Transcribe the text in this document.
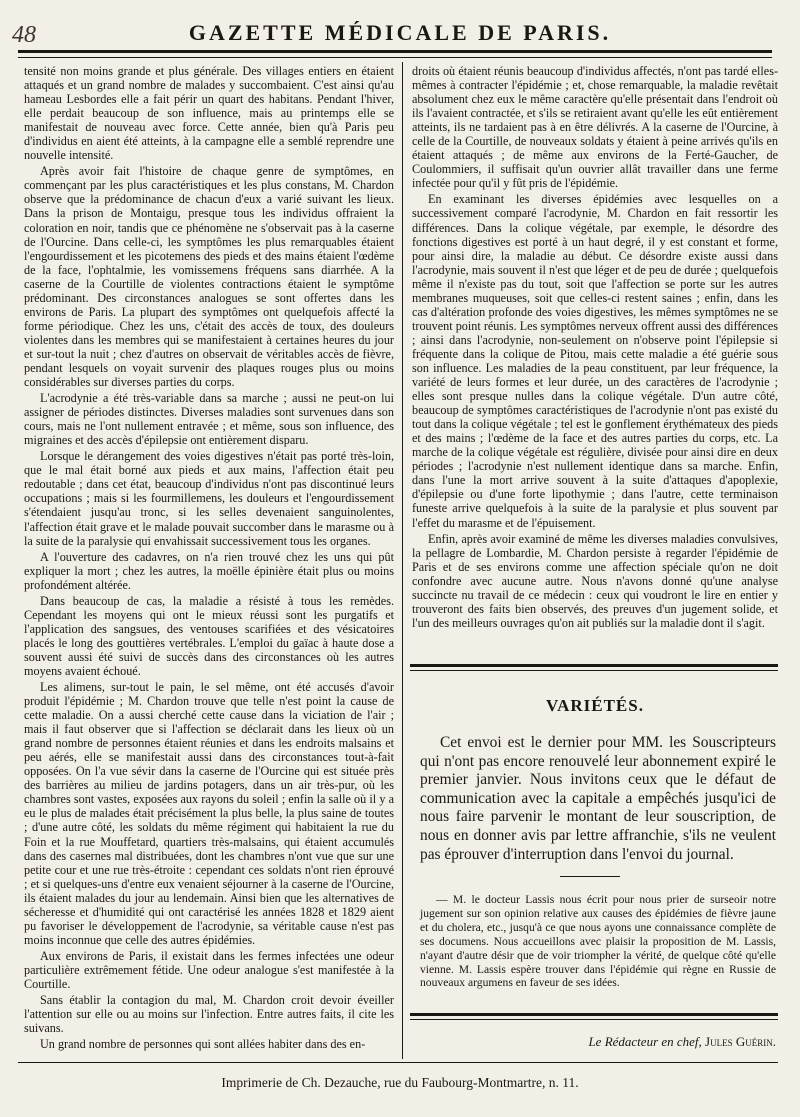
48	GAZETTE MÉDICALE DE PARIS.

tensité non moins grande et plus générale. Des villages entiers en étaient attaqués et un grand nombre de malades y succombaient. C'est ainsi qu'au hameau Lesbordes elle a fait périr un quart des habitans. Pendant l'hiver, elle perdait beaucoup de son influence, mais au printemps elle se manifestait de nouveau avec force. Cette année, bien qu'à Paris peu d'individus en aient été atteints, à la campagne elle a semblé reprendre une nouvelle intensité.

Après avoir fait l'histoire de chaque genre de symptômes, en commençant par les plus caractéristiques et les plus constans, M. Chardon observe que la prédominance de chacun d'eux a varié suivant les lieux. Dans la prison de Montaigu, presque tous les individus offraient la coloration en noir, tandis que ce phénomène ne s'observait pas à la caserne de l'Ourcine. Dans celle-ci, les symptômes les plus remarquables étaient l'engourdissement et les picotemens des pieds et des mains étaient l'œdème de la face, l'ophtalmie, les vomissemens fréquens sans diarrhée. A la caserne de la Courtille de violentes contractions étaient le symptôme prédominant. Des circonstances analogues se sont offertes dans les environs de Paris. La plupart des symptômes ont quelquefois affecté la forme périodique. Chez les uns, c'était des accès de toux, des douleurs violentes dans les membres qui se manifestaient à certaines heures du jour et sur-tout la nuit ; chez d'autres on observait de véritables accès de fièvre, pendant lesquels on voyait survenir des plaques rouges plus ou moins considérables sur diverses parties du corps.

L'acrodynie a été très-variable dans sa marche ; aussi ne peut-on lui assigner de périodes distinctes. Diverses maladies sont survenues dans son cours, mais ne l'ont nullement entravée ; et même, sous son influence, des migraines et des accès d'épilepsie ont entièrement disparu.

Lorsque le dérangement des voies digestives n'était pas porté très-loin, que le mal était borné aux pieds et aux mains, l'affection était peu redoutable ; dans cet état, beaucoup d'individus n'ont pas discontinué leurs occupations ; mais si les fourmillemens, les douleurs et l'engourdissement s'étendaient jusqu'au tronc, si les selles devenaient sanguinolentes, l'affection était grave et le malade pouvait succomber dans le marasme ou à la suite de la paralysie qui envahissait successivement tous les organes.

A l'ouverture des cadavres, on n'a rien trouvé chez les uns qui pût expliquer la mort ; chez les autres, la moëlle épinière était plus ou moins profondément altérée.

Dans beaucoup de cas, la maladie a résisté à tous les remèdes. Cependant les moyens qui ont le mieux réussi sont les purgatifs et l'application des sangsues, des ventouses scarifiées et des vésicatoires placés le long des gouttières vertébrales. L'emploi du gaïac à haute dose a souvent aussi été suivi de succès dans des circonstances où les autres moyens avaient échoué.

Les alimens, sur-tout le pain, le sel même, ont été accusés d'avoir produit l'épidémie ; M. Chardon trouve que telle n'est point la cause de cette maladie. On a aussi cherché cette cause dans la viciation de l'air ; mais il faut observer que si l'affection se déclarait dans les lieux où un grand nombre de personnes étaient réunies et dans les endroits malsains et peu aérés, elle se manifestait aussi dans des circonstances tout-à-fait opposées. On l'a vue sévir dans la caserne de l'Ourcine qui est située près des barrières au milieu de jardins potagers, dans un air très-pur, où les chambres sont vastes, exposées aux rayons du soleil ; enfin la salle où il y a eu le plus de malades était précisément la plus belle, la plus saine de toutes ; d'une autre côté, les soldats du même régiment qui habitaient la rue du Foin et la rue Mouffetard, quartiers très-malsains, qui étaient accumulés dans des casernes mal distribuées, dont les chambres n'ont vue que sur une petite cour et une rue très-étroite : cependant ces soldats n'ont rien éprouvé ; et si quelques-uns d'entre eux venaient séjourner à la caserne de l'Ourcine, ils étaient malades du jour au lendemain. Ainsi bien que les alternatives de sécheresse et d'humidité qui ont caractérisé les années 1828 et 1829 aient pu favoriser le développement de l'acrodynie, sa véritable cause n'est pas moins inconnue que celle des autres épidémies.

Aux environs de Paris, il existait dans les fermes infectées une odeur particulière extrêmement fétide. Une odeur analogue s'est manifestée à la Courtille.

Sans établir la contagion du mal, M. Chardon croit devoir éveiller l'attention sur elle ou au moins sur l'infection. Entre autres faits, il cite les suivans.

Un grand nombre de personnes qui sont allées habiter dans des en-

droits où étaient réunis beaucoup d'individus affectés, n'ont pas tardé elles-mêmes à contracter l'épidémie ; et, chose remarquable, la maladie revêtait absolument chez eux le même caractère qu'elle présentait dans l'endroit où ils l'avaient contractée, et s'ils se retiraient avant qu'elle les eût entièrement atteints, ils ne tardaient pas à en être délivrés. A la caserne de l'Ourcine, à celle de la Courtille, de nouveaux soldats y étaient à peine arrivés qu'ils en étaient attaqués ; de même aux environs de la Ferté-Gaucher, de Coulommiers, il suffisait qu'un ouvrier allât travailler dans une ferme infectée pour qu'il y fût pris de l'épidémie.

En examinant les diverses épidémies avec lesquelles on a successivement comparé l'acrodynie, M. Chardon en fait ressortir les différences. Dans la colique végétale, par exemple, le désordre des fonctions digestives est porté à un haut degré, il y est constant et forme, pour ainsi dire, la maladie au début. Ce désordre existe aussi dans l'acrodynie, mais souvent il n'est que léger et de peu de durée ; quelquefois même il n'existe pas du tout, soit que l'affection se porte sur les autres membranes muqueuses, soit que celles-ci restent saines ; enfin, dans les cas d'altération profonde des voies digestives, les mêmes symptômes ne se trouvent point réunis. Les symptômes nerveux offrent aussi des différences ; ainsi dans l'acrodynie, non-seulement on n'observe point l'épilepsie si fréquente dans la colique de Pitou, mais cette maladie a été guérie sous son influence. Les maladies de la peau constituent, par leur fréquence, la variété de leurs formes et leur durée, un des caractères de l'acrodynie ; elles sont presque nulles dans la colique végétale. D'un autre côté, beaucoup de symptômes caractéristiques de l'acrodynie n'ont pas existé du tout dans la colique végétale ; tel est le gonflement érythémateux des pieds et des mains ; l'œdème de la face et des autres parties du corps, etc. La marche de la colique végétale est régulière, divisée pour ainsi dire en deux périodes ; l'acrodynie n'est nullement identique dans sa marche. Enfin, dans l'une la mort arrive souvent à la suite d'attaques d'apoplexie, d'épilepsie ou d'une forte lipothymie ; dans l'autre, cette terminaison funeste arrive quelquefois à la suite de la paralysie et plus souvent par l'effet du marasme et de l'épuisement.

Enfin, après avoir examiné de même les diverses maladies convulsives, la pellagre de Lombardie, M. Chardon persiste à regarder l'épidémie de Paris et de ses environs comme une affection spéciale qu'on ne doit confondre avec aucune autre. Nous n'avons donné qu'une analyse succincte nu travail de ce médecin : ceux qui voudront le lire en entier y trouveront des faits bien observés, des preuves d'un jugement solide, et l'un des meilleurs ouvrages qu'on ait publiés sur la maladie dont il s'agit.

VARIÉTÉS.

Cet envoi est le dernier pour MM. les Souscripteurs qui n'ont pas encore renouvelé leur abonnement expiré le premier janvier. Nous invitons ceux que le défaut de communication avec la capitale a empêchés jusqu'ici de nous faire parvenir le montant de leur souscription, de nous en donner avis par lettre affranchie, s'ils ne veulent pas éprouver d'interruption dans l'envoi du journal.

— M. le docteur Lassis nous écrit pour nous prier de surseoir notre jugement sur son opinion relative aux causes des épidémies de fièvre jaune et du cholera, etc., jusqu'à ce que nous ayons une connaissance complète de ses documens. Nous accueillons avec plaisir la proposition de M. Lassis, n'ayant d'autre désir que de voir triompher la vérité, de quelque côté qu'elle vienne. M. Lassis espère trouver dans l'épidémie qui règne en Russie de nouveaux argumens en faveur de ses idées.

Le Rédacteur en chef, Jules Guérin.
Imprimerie de Ch. Dezauche, rue du Faubourg-Montmartre, n. 11.
